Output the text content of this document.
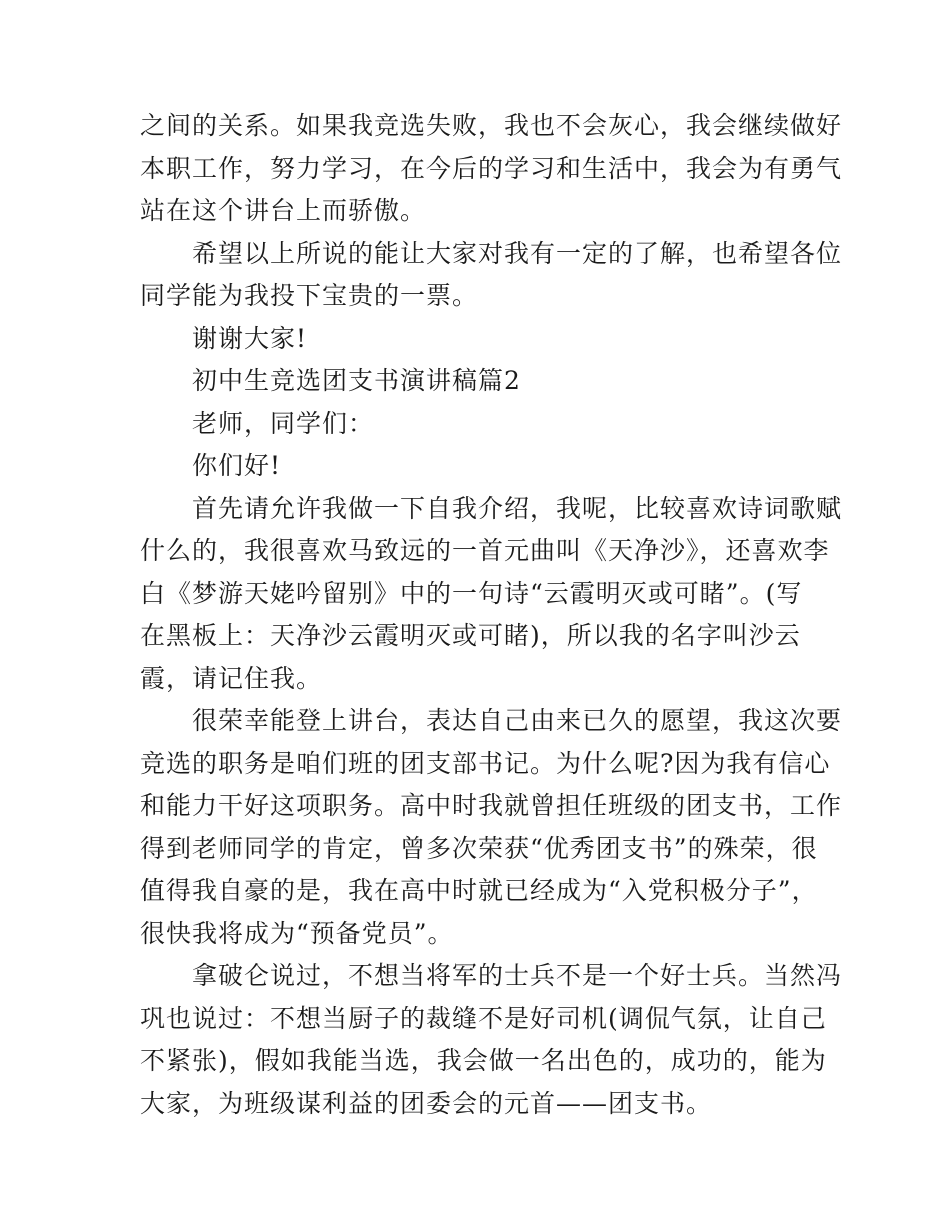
之间的关系。如果我竞选失败，我也不会灰心，我会继续做好
本职工作，努力学习，在今后的学习和生活中，我会为有勇气
站在这个讲台上而骄傲。
希望以上所说的能让大家对我有一定的了解，也希望各位
同学能为我投下宝贵的一票。
谢谢大家!
初中生竞选团支书演讲稿篇2
老师，同学们：
你们好!
首先请允许我做一下自我介绍，我呢，比较喜欢诗词歌赋
什么的，我很喜欢马致远的一首元曲叫《天净沙》，还喜欢李
白《梦游天姥吟留别》中的一句诗“云霞明灭或可睹”。(写
在黑板上：天净沙云霞明灭或可睹)，所以我的名字叫沙云
霞，请记住我。
很荣幸能登上讲台，表达自己由来已久的愿望，我这次要
竞选的职务是咱们班的团支部书记。为什么呢?因为我有信心
和能力干好这项职务。高中时我就曾担任班级的团支书，工作
得到老师同学的肯定，曾多次荣获“优秀团支书”的殊荣，很
值得我自豪的是，我在高中时就已经成为“入党积极分子”，
很快我将成为“预备党员”。
拿破仑说过，不想当将军的士兵不是一个好士兵。当然冯
巩也说过：不想当厨子的裁缝不是好司机(调侃气氛，让自己
不紧张)，假如我能当选，我会做一名出色的，成功的，能为
大家，为班级谋利益的团委会的元首——团支书。
